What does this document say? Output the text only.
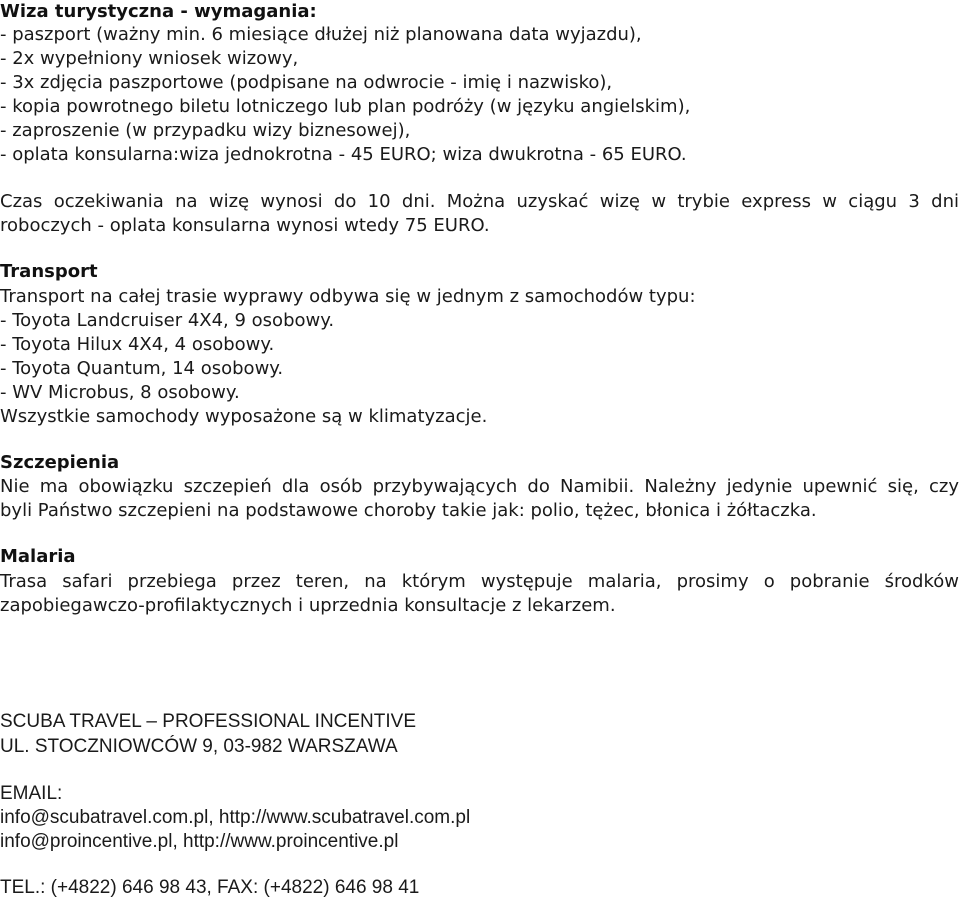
Wiza turystyczna - wymagania:

- paszport (ważny min. 6 miesiące dłużej niż planowana data wyjazdu),

- 2x wypełniony wniosek wizowy,

- 3x zdjęcia paszportowe (podpisane na odwrocie - imię i nazwisko),

- kopia powrotnego biletu lotniczego lub plan podróży (w języku angielskim),

- zaproszenie (w przypadku wizy biznesowej),

- oplata konsularna:wiza jednokrotna - 45 EURO; wiza dwukrotna - 65 EURO.

Czas oczekiwania na wizę wynosi do 10 dni. Można uzyskać wizę w trybie express w ciągu 3 dni

roboczych - oplata konsularna wynosi wtedy 75 EURO.

Transport

Transport na całej trasie wyprawy odbywa się w jednym z samochodów typu:

- Toyota Landcruiser 4X4, 9 osobowy.

- Toyota Hilux 4X4, 4 osobowy.

- Toyota Quantum, 14 osobowy.

- WV Microbus, 8 osobowy.

Wszystkie samochody wyposażone są w klimatyzacje.

Szczepienia

Nie ma obowiązku szczepień dla osób przybywających do Namibii. Należny jedynie upewnić się, czy

byli Państwo szczepieni na podstawowe choroby takie jak: polio, tężec, błonica i żółtaczka.

Malaria

Trasa safari przebiega przez teren, na którym występuje malaria, prosimy o pobranie środków

zapobiegawczo-profilaktycznych i uprzednia konsultacje z lekarzem.

SCUBA TRAVEL – PROFESSIONAL INCENTIVE

UL. STOCZNIOWCÓW 9, 03-982 WARSZAWA

EMAIL:

info@scubatravel.com.pl, http://www.scubatravel.com.pl

info@proincentive.pl, http://www.proincentive.pl

TEL.: (+4822) 646 98 43, FAX: (+4822) 646 98 41
